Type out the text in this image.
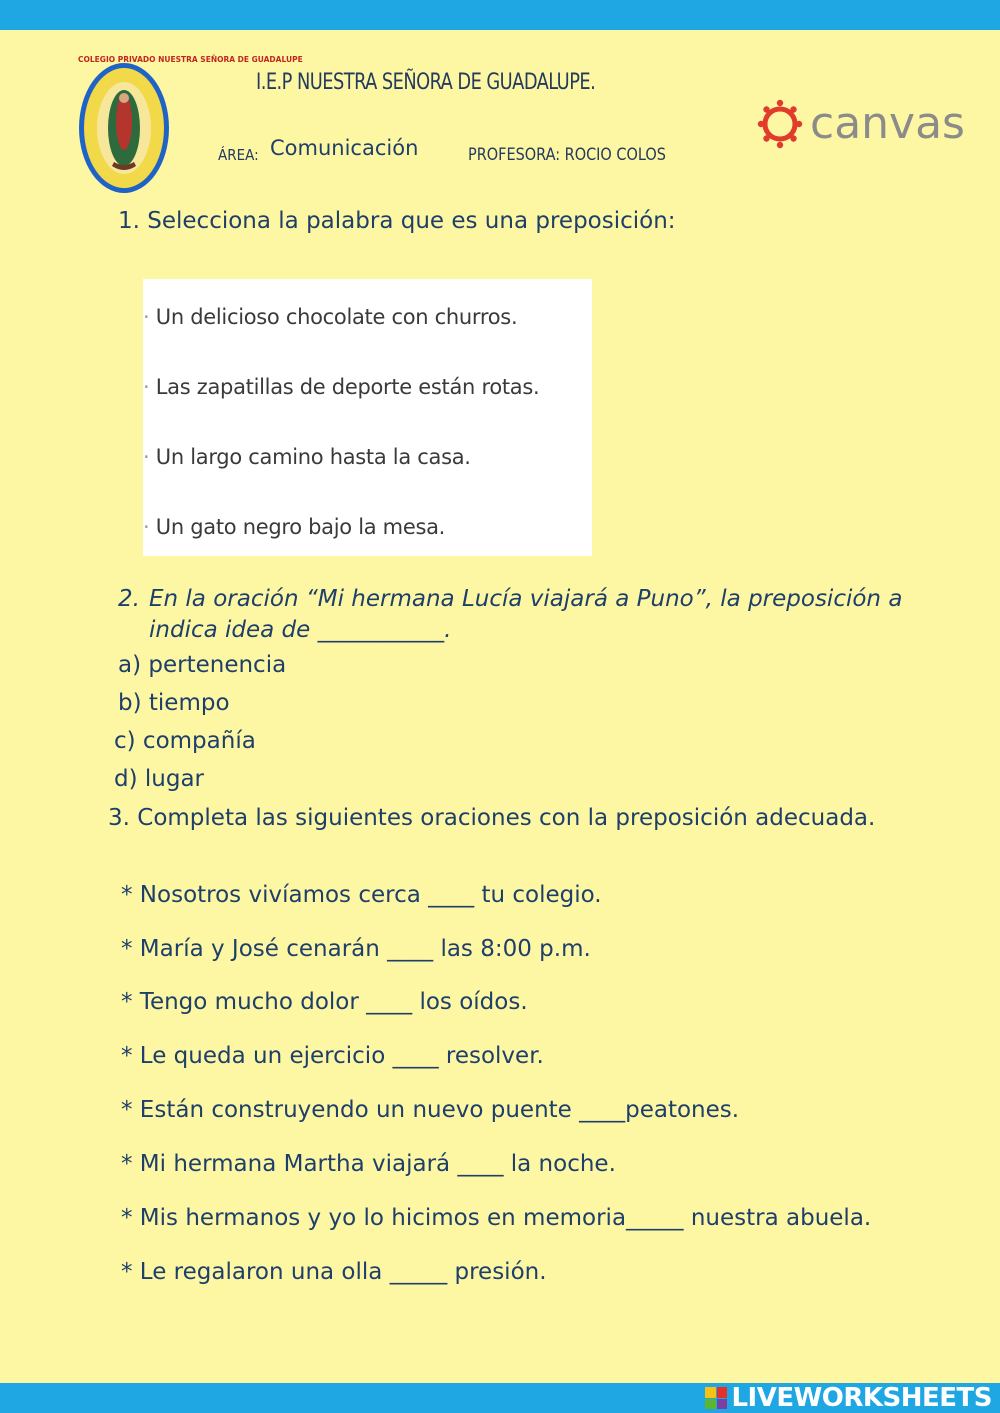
COLEGIO PRIVADO NUESTRA SEÑORA DE GUADALUPE
I.E.P NUESTRA SEÑORA DE GUADALUPE.
ÁREA: Comunicación	PROFESORA: ROCIO COLOS
canvas
1. Selecciona la palabra que es una preposición:
· Un delicioso chocolate con churros.
· Las zapatillas de deporte están rotas.
· Un largo camino hasta la casa.
· Un gato negro bajo la mesa.
2. En la oración “Mi hermana Lucía viajará a Puno”, la preposición a indica idea de ___________.
a) pertenencia
b) tiempo
c) compañía
d) lugar
3. Completa las siguientes oraciones con la preposición adecuada.
* Nosotros vivíamos cerca ____ tu colegio.
* María y José cenarán ____ las 8:00 p.m.
* Tengo mucho dolor ____ los oídos.
* Le queda un ejercicio ____ resolver.
* Están construyendo un nuevo puente ____peatones.
* Mi hermana Martha viajará ____ la noche.
* Mis hermanos y yo lo hicimos en memoria_____ nuestra abuela.
* Le regalaron una olla _____ presión.
LIVEWORKSHEETS
